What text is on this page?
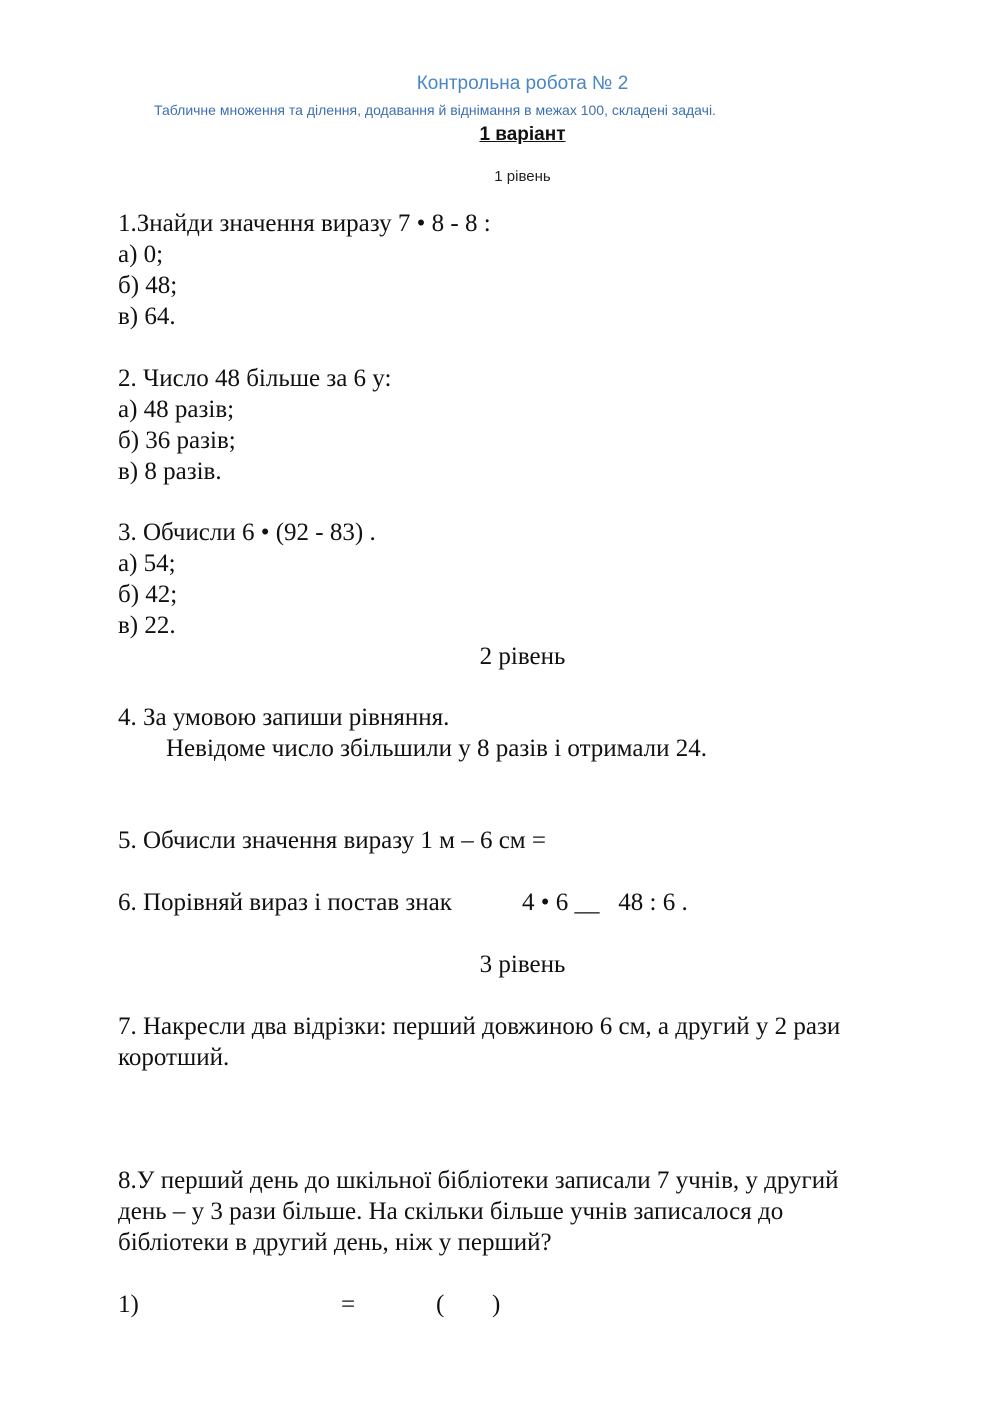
Контрольна робота № 2
Табличне множення та ділення, додавання й віднімання в межах 100, складені задачі.
1 варіант
1 рівень
1.Знайди значення виразу 7 • 8 - 8 :
а) 0;
б) 48;
в) 64.
2. Число 48 більше за 6 у:
а) 48 разів;
б) 36 разів;
в) 8 разів.
3. Обчисли 6 • (92 - 83) .
а) 54;
б) 42;
в) 22.
2 рівень
4. За умовою запиши рівняння.
Невідоме число збільшили у 8 разів і отримали 24.
5. Обчисли значення виразу 1 м – 6 см =
6. Порівняй вираз і постав знак	4 • 6 __   48 : 6 .
3 рівень
7. Накресли два відрізки: перший довжиною 6 см, а другий у 2 рази
коротший.
8.У перший день до шкільної бібліотеки записали 7 учнів, у другий
день – у 3 рази більше. На скільки більше учнів записалося до
бібліотеки в другий день, ніж у перший?
1)	=	( )
